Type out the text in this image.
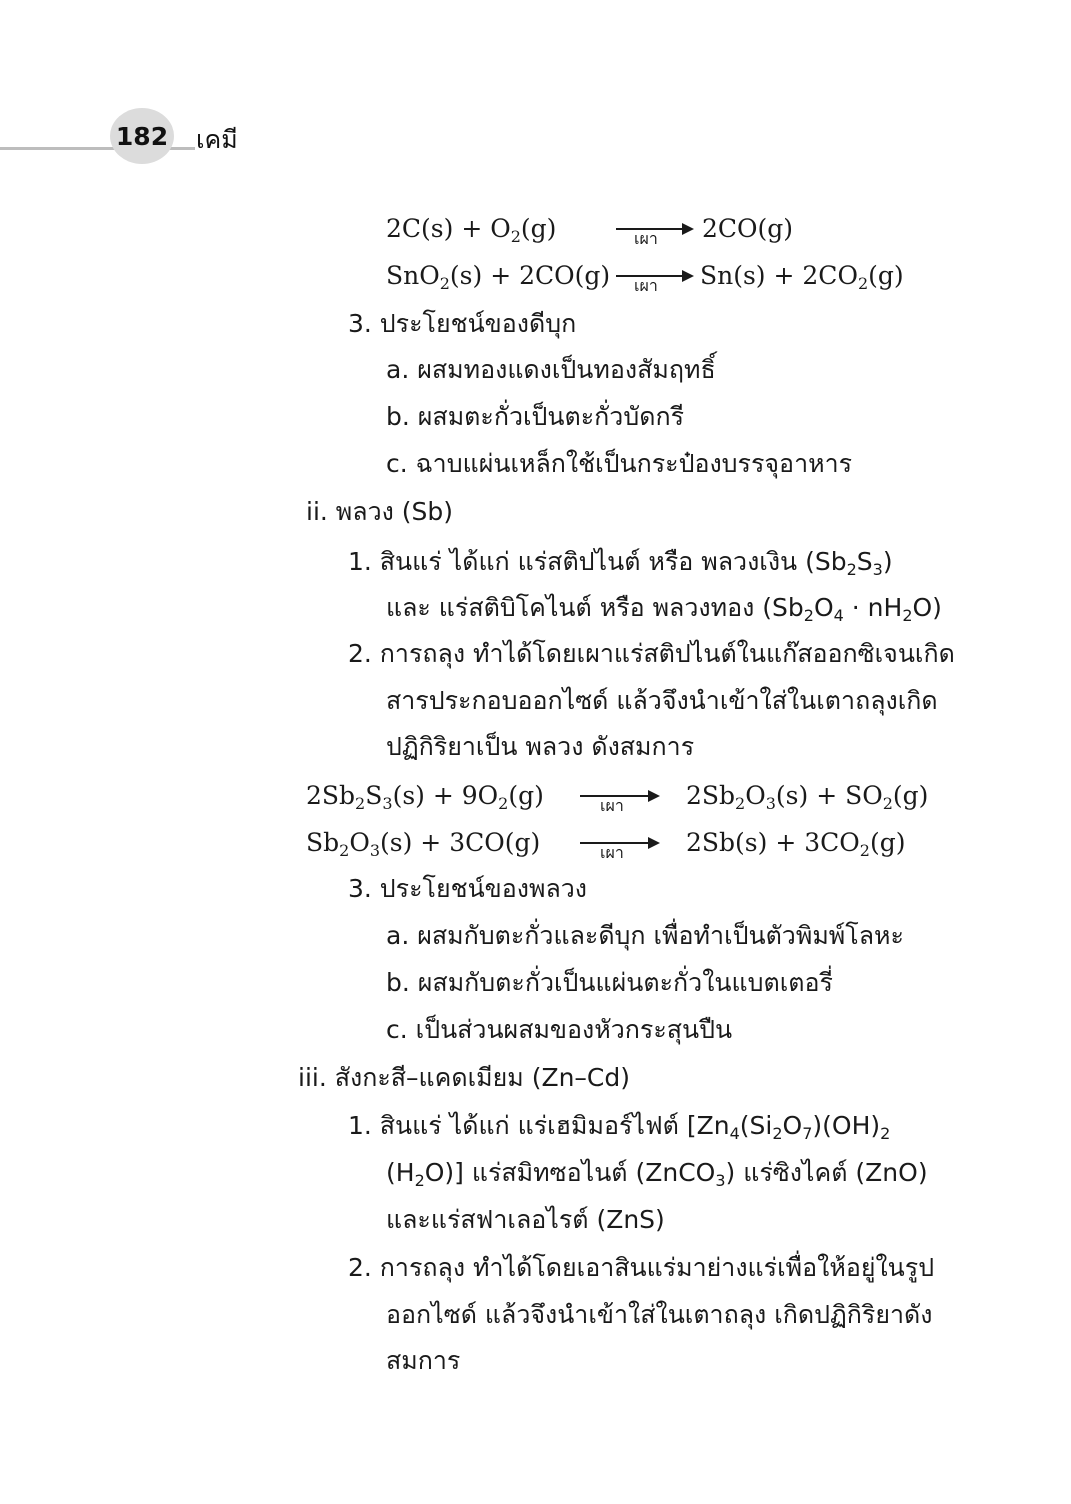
182 เคมี
$2C(s) + O_2(g)$	เผา 2CO(g)
SnO$_2$(s) + 2CO(g) เผา $Sn(s) + 2CO_2(g)$
3. ประโยชน์ของดีบุก
a. ผสมทองแดงเป็นทองสัมฤทธิ์
b. ผสมตะกั่วเป็นตะกั่วบัดกรี
c. ฉาบแผ่นเหล็กใช้เป็นกระป๋องบรรจุอาหาร
ii. พลวง (Sb)
1. สินแร่ ได้แก่ แร่สติปไนต์ หรือ พลวงเงิน $(Sb_2S_3)$
และ แร่สติบิโคไนต์ หรือ พลวงทอง $(Sb_2O_4 \cdot nH_2O)$
2. การถลุง ทำได้โดยเผาแร่สติปไนต์ในแก๊สออกซิเจนเกิด
สารประกอบออกไซด์ แล้วจึงนำเข้าใส่ในเตาถลุงเกิด
ปฏิกิริยาเป็น พลวง ดังสมการ
$2Sb_2S_3(s) + 9O_2(g)$	เผา $2Sb_2O_3(s) + SO_2(g)$
$Sb_2O_3(s) + 3CO(g)$	เผา $2Sb(s) + 3CO_2(g)$
3. ประโยชน์ของพลวง
a. ผสมกับตะกั่วและดีบุก เพื่อทำเป็นตัวพิมพ์โลหะ
b. ผสมกับตะกั่วเป็นแผ่นตะกั่วในแบตเตอรี่
c. เป็นส่วนผสมของหัวกระสุนปืน
iii. สังกะสี–แคดเมียม (Zn–Cd)
1. สินแร่ ได้แก่ แร่เฮมิมอร์ไฟต์ [$Zn_4(Si_2O_7)(OH)_2$
$(H_2O)$] แร่สมิทซอไนต์ (ZnCO$_3$) แร่ซิงไคต์ (ZnO)
และแร่สฟาเลอไรต์ (ZnS)
2. การถลุง ทำได้โดยเอาสินแร่มาย่างแร่เพื่อให้อยู่ในรูป
ออกไซด์ แล้วจึงนำเข้าใส่ในเตาถลุง เกิดปฏิกิริยาดัง
สมการ
